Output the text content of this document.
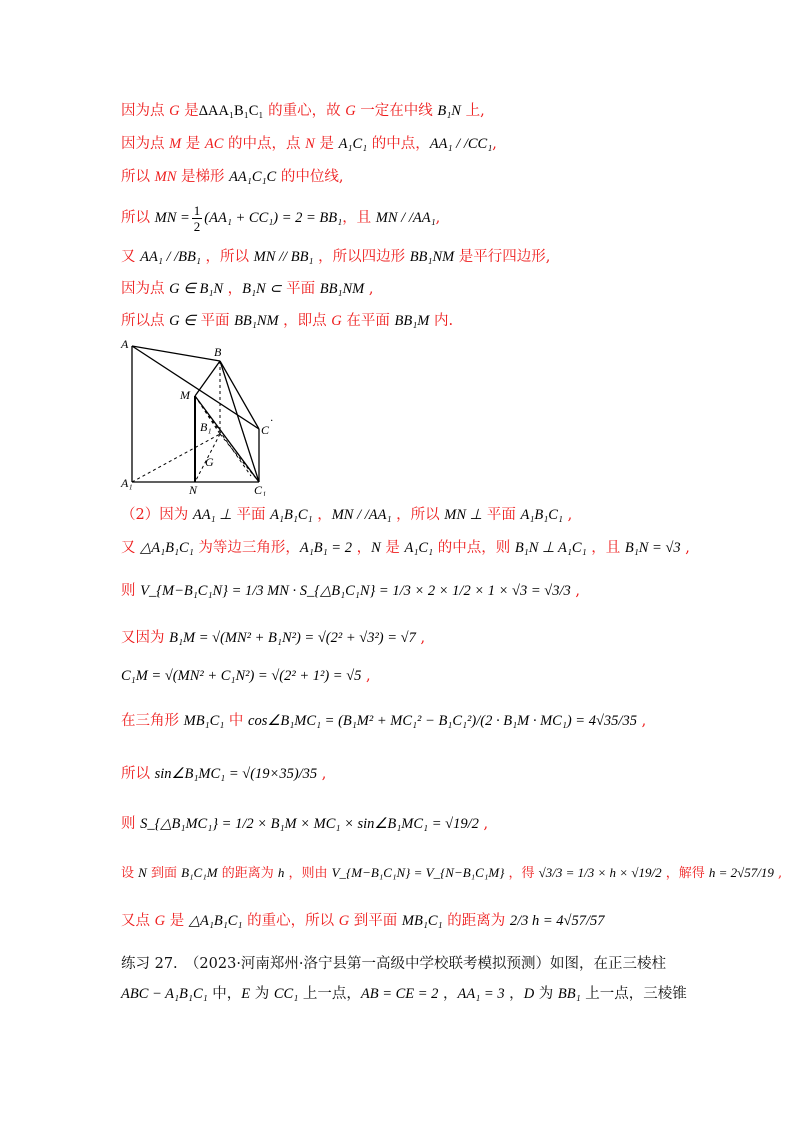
因为点 G 是ΔAA₁B₁C₁ 的重心，故 G 一定在中线 B₁N 上,
因为点 M 是 AC 的中点，点 N 是 A₁C₁ 的中点，AA₁ / /CC₁,
所以 MN 是梯形 AA₁C₁C 的中位线,
所以 MN = $\frac{1}{2} (AA_1 + CC_1) = 2 = BB_1$，且 MN / /AA₁,
又 AA₁ / /BB₁ ，所以 MN // BB₁ ，所以四边形 BB₁NM 是平行四边形,
因为点 G ∈ B₁N ，B₁N ⊂ 平面 BB₁NM ,
所以点 G ∈ 平面 BB₁NM ，即点 G 在平面 BB₁M 内.
A
B
M
B₁	C
·
G
A₁	N	C₁
（2）因为 AA₁ ⊥ 平面 A₁B₁C₁ ，MN / /AA₁ ，所以 MN ⊥ 平面 A₁B₁C₁ ,
又 △A₁B₁C₁ 为等边三角形，A₁B₁ = 2 ，N 是 A₁C₁ 的中点，则 B₁N ⊥ A₁C₁ ，且 B₁N = √3 ,
则 V_{M−B₁C₁N} = 1/3 MN · S_{△B₁C₁N} = 1/3 × 2 × 1/2 × 1 × √3 = √3/3 ,
又因为 B₁M = √(MN² + B₁N²) = √(2² + √3²) = √7 ,
C₁M = √(MN² + C₁N²) = √(2² + 1²) = √5 ,
在三角形 MB₁C₁ 中 cos∠B₁MC₁ = (B₁M² + MC₁² − B₁C₁²)/(2 · B₁M · MC₁) = 4√35/35 ,
所以 sin∠B₁MC₁ = √(19×35)/35 ,
则 S_{△B₁MC₁} = 1/2 × B₁M × MC₁ × sin∠B₁MC₁ = √19/2 ,
设 N 到面 B₁C₁M 的距离为 h ，则由 V_{M−B₁C₁N} = V_{N−B₁C₁M} ，得 √3/3 = 1/3 × h × √19/2 ，解得 h = 2√57/19 ,
又点 G 是 △A₁B₁C₁ 的重心，所以 G 到平面 MB₁C₁ 的距离为 2/3 h = 4√57/57
练习 27.　（2023·河南郑州·洛宁县第一高级中学校联考模拟预测）如图，在正三棱柱
ABC − A₁B₁C₁ 中，E 为 CC₁ 上一点，AB = CE = 2 ，AA₁ = 3 ，D 为 BB₁ 上一点，三棱锥
